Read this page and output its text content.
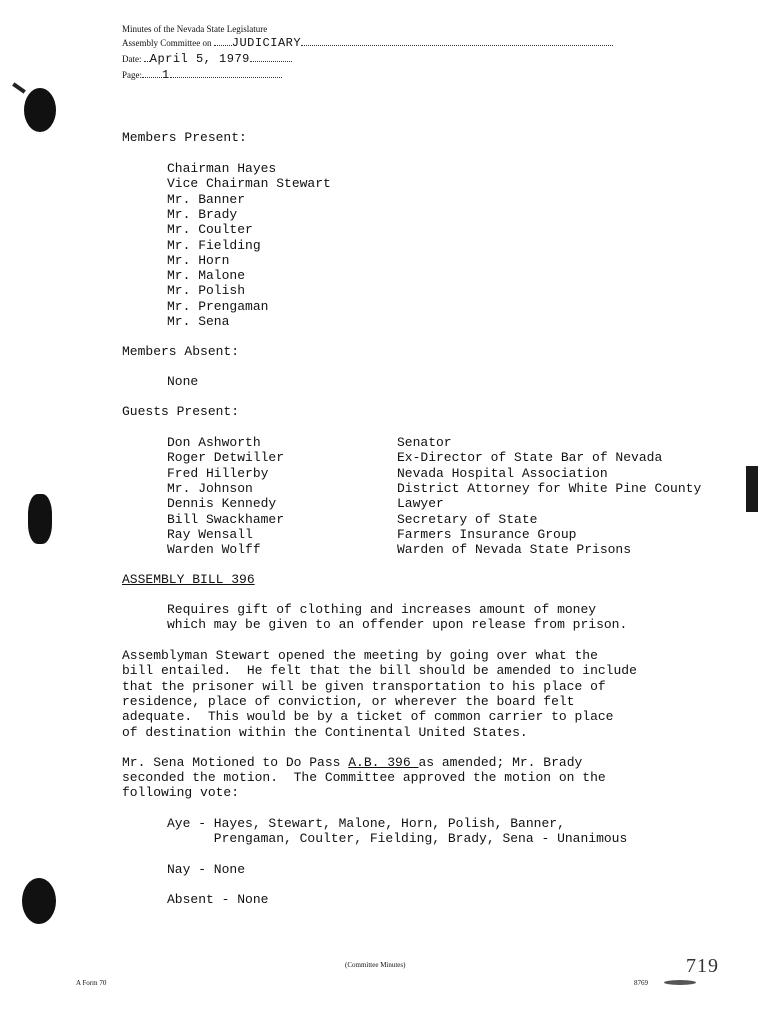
Minutes of the Nevada State Legislature
Assembly Committee on JUDICIARY
Date: April 5, 1979
Page: 1
Members Present:
Chairman Hayes
Vice Chairman Stewart
Mr. Banner
Mr. Brady
Mr. Coulter
Mr. Fielding
Mr. Horn
Mr. Malone
Mr. Polish
Mr. Prengaman
Mr. Sena
Members Absent:
None
Guests Present:
Don Ashworth	Senator
Roger Detwiller	Ex-Director of State Bar of Nevada
Fred Hillerby	Nevada Hospital Association
Mr. Johnson	District Attorney for White Pine County
Dennis Kennedy	Lawyer
Bill Swackhamer	Secretary of State
Ray Wensall	Farmers Insurance Group
Warden Wolff	Warden of Nevada State Prisons
ASSEMBLY BILL 396
Requires gift of clothing and increases amount of money
which may be given to an offender upon release from prison.
Assemblyman Stewart opened the meeting by going over what the
bill entailed.  He felt that the bill should be amended to include
that the prisoner will be given transportation to his place of
residence, place of conviction, or wherever the board felt
adequate.  This would be by a ticket of common carrier to place
of destination within the Continental United States.
Mr. Sena Motioned to Do Pass A.B. 396 as amended; Mr. Brady
seconded the motion.  The Committee approved the motion on the
following vote:
Aye - Hayes, Stewart, Malone, Horn, Polish, Banner,
Prengaman, Coulter, Fielding, Brady, Sena - Unanimous
Nay - None
Absent - None
A Form 70
(Committee Minutes)
8769
719
